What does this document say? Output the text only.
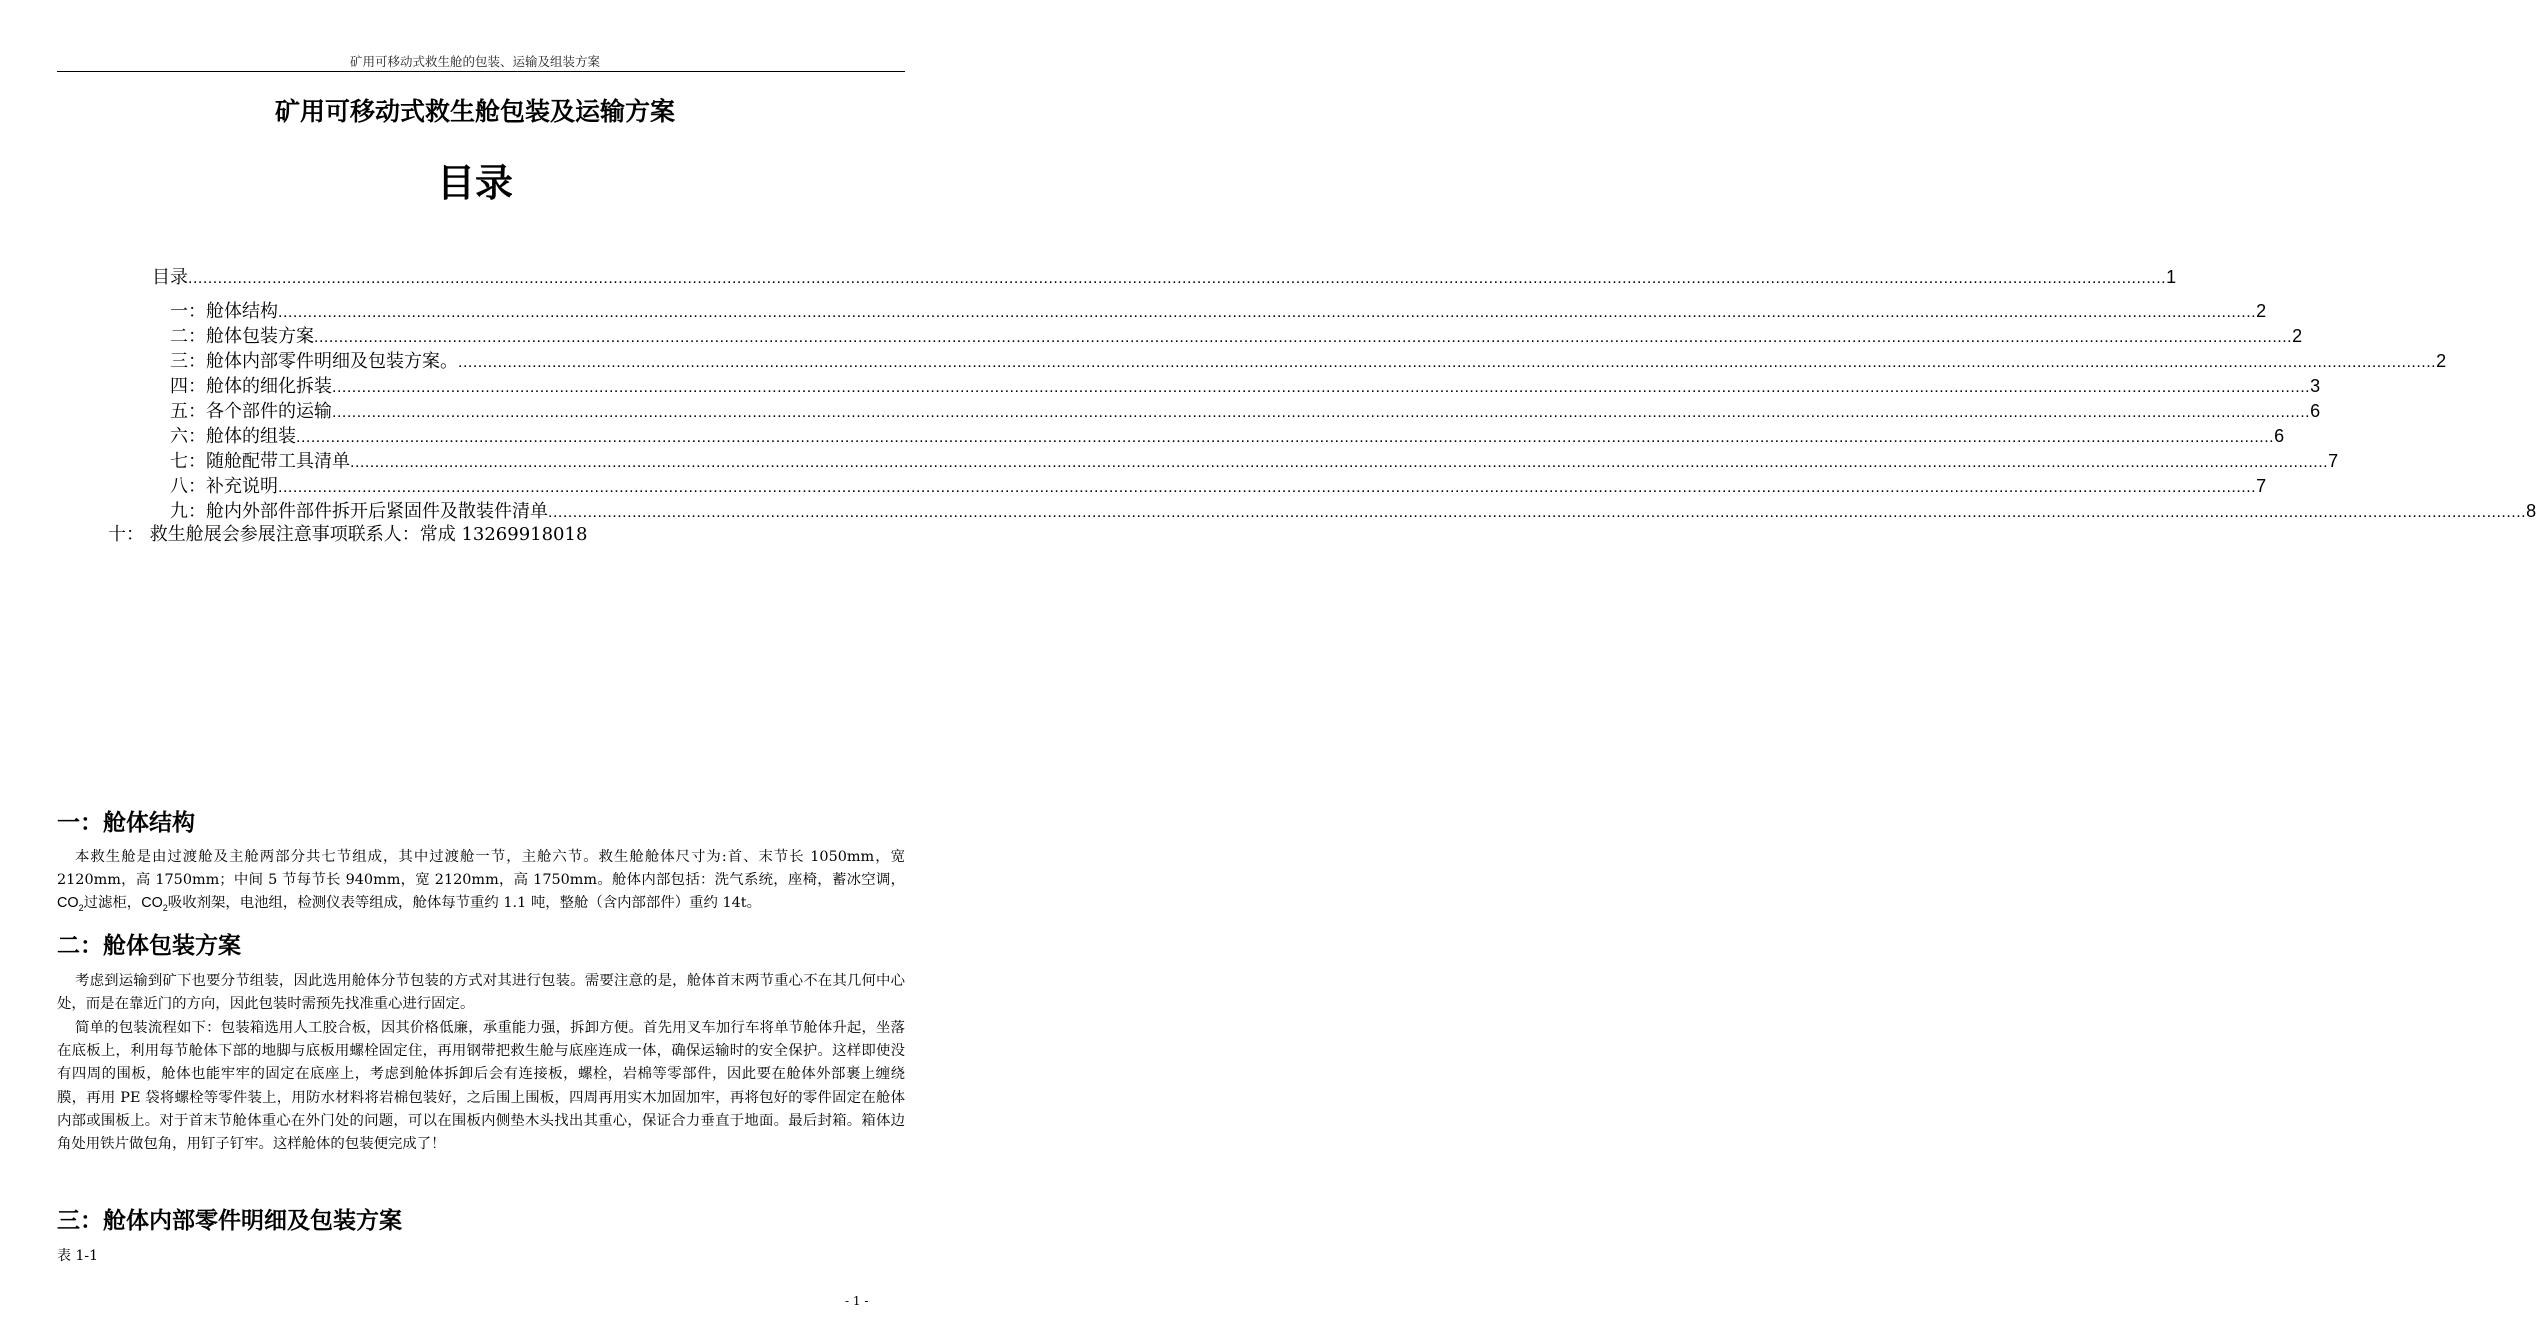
矿用可移动式救生舱的包装、运输及组装方案
矿用可移动式救生舱包装及运输方案
目录
目录 ................................................................................................................................................................................................................................................................................................................................................................................................................ 1
一：舱体结构 ................................................................................................................................................................................................................................................................................................................................................................................................................ 2
二：舱体包装方案 ................................................................................................................................................................................................................................................................................................................................................................................................................ 2
三：舱体内部零件明细及包装方案。 ................................................................................................................................................................................................................................................................................................................................................................................................................ 2
四：舱体的细化拆装 ................................................................................................................................................................................................................................................................................................................................................................................................................ 3
五：各个部件的运输 ................................................................................................................................................................................................................................................................................................................................................................................................................ 6
六：舱体的组装 ................................................................................................................................................................................................................................................................................................................................................................................................................ 6
七：随舱配带工具清单 ................................................................................................................................................................................................................................................................................................................................................................................................................ 7
八：补充说明 ................................................................................................................................................................................................................................................................................................................................................................................................................ 7
九：舱内外部件部件拆开后紧固件及散装件清单 ................................................................................................................................................................................................................................................................................................................................................................................................................ 8
十： 救生舱展会参展注意事项联系人：常成 13269918018
一：舱体结构
本救生舱是由过渡舱及主舱两部分共七节组成，其中过渡舱一节，主舱六节。救生舱舱体尺寸为:首、末节长 1050mm，宽 2120mm，高 1750mm；中间 5 节每节长 940mm，宽 2120mm，高 1750mm。舱体内部包括：洗气系统，座椅，蓄冰空调，$CO_2$过滤柜，$CO_2$吸收剂架，电池组，检测仪表等组成，舱体每节重约 1.1 吨，整舱（含内部部件）重约 14t。
二：舱体包装方案
考虑到运输到矿下也要分节组装，因此选用舱体分节包装的方式对其进行包装。需要注意的是，舱体首末两节重心不在其几何中心处，而是在靠近门的方向，因此包装时需预先找准重心进行固定。
简单的包装流程如下：包装箱选用人工胶合板，因其价格低廉，承重能力强，拆卸方便。首先用叉车加行车将单节舱体升起，坐落在底板上，利用每节舱体下部的地脚与底板用螺栓固定住，再用钢带把救生舱与底座连成一体，确保运输时的安全保护。这样即使没有四周的围板，舱体也能牢牢的固定在底座上，考虑到舱体拆卸后会有连接板，螺栓，岩棉等零部件，因此要在舱体外部裹上缠绕膜，再用 PE 袋将螺栓等零件装上，用防水材料将岩棉包装好，之后围上围板，四周再用实木加固加牢，再将包好的零件固定在舱体内部或围板上。对于首末节舱体重心在外门处的问题，可以在围板内侧垫木头找出其重心，保证合力垂直于地面。最后封箱。箱体边角处用铁片做包角，用钉子钉牢。这样舱体的包装便完成了！
三：舱体内部零件明细及包装方案
表 1-1
- 1 -
